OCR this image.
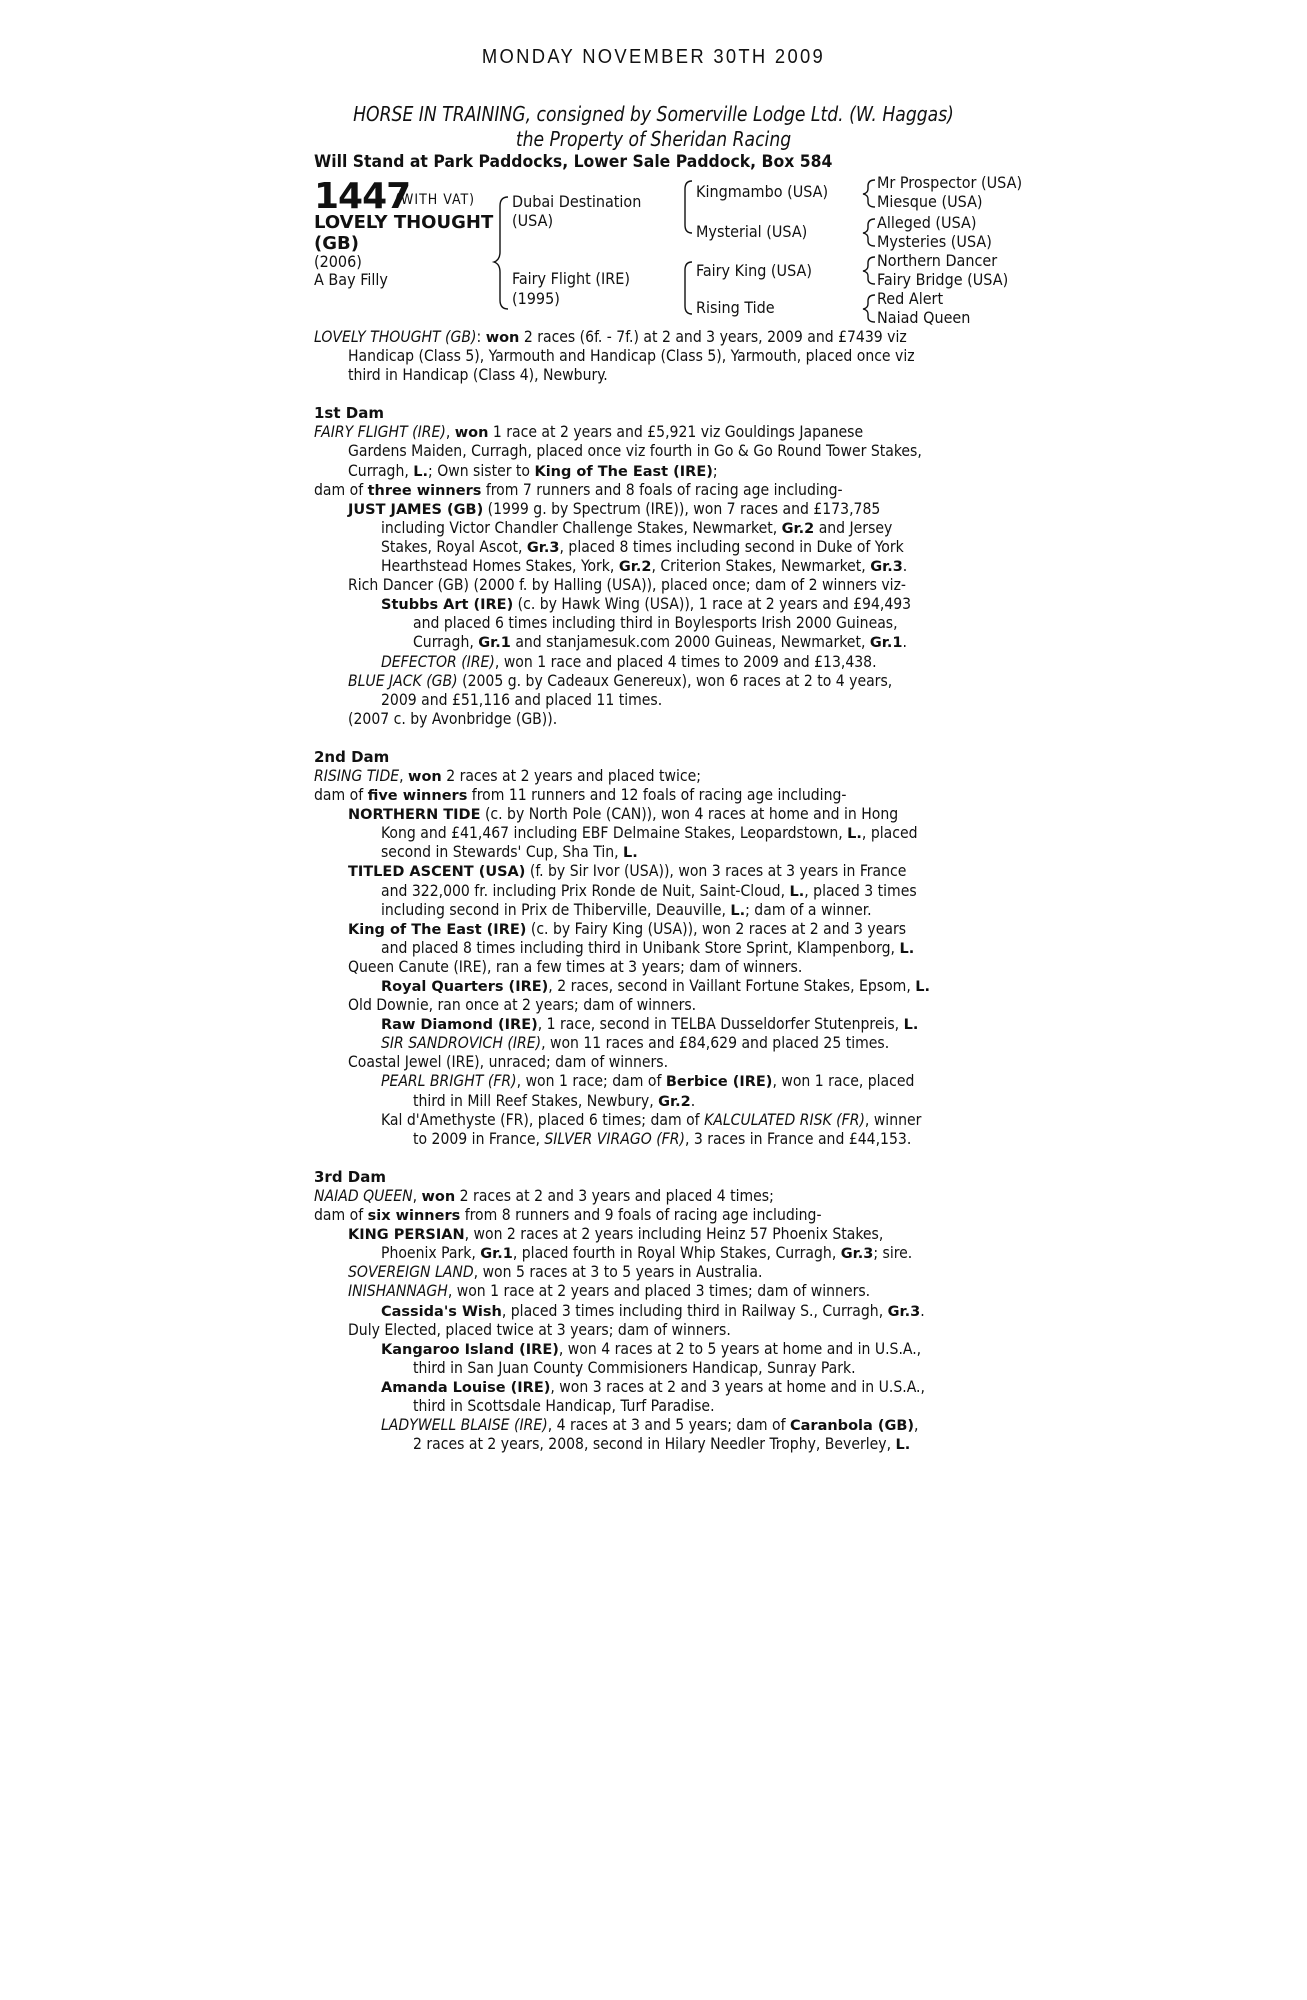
MONDAY NOVEMBER 30TH 2009
HORSE IN TRAINING, consigned by Somerville Lodge Ltd. (W. Haggas)
the Property of Sheridan Racing
Will Stand at Park Paddocks, Lower Sale Paddock, Box 584
1447
(WITH VAT)
LOVELY THOUGHT
(GB)
(2006)
A Bay Filly
Dubai Destination
(USA)
Fairy Flight (IRE)
(1995)
Kingmambo (USA)
Mysterial (USA)
Fairy King (USA)
Rising Tide
Mr Prospector (USA)
Miesque (USA)
Alleged (USA)
Mysteries (USA)
Northern Dancer
Fairy Bridge (USA)
Red Alert
Naiad Queen
LOVELY THOUGHT (GB): won 2 races (6f. - 7f.) at 2 and 3 years, 2009 and £7439 viz
Handicap (Class 5), Yarmouth and Handicap (Class 5), Yarmouth, placed once viz
third in Handicap (Class 4), Newbury.
1st Dam
FAIRY FLIGHT (IRE), won 1 race at 2 years and £5,921 viz Gouldings Japanese
Gardens Maiden, Curragh, placed once viz fourth in Go & Go Round Tower Stakes,
Curragh, L.; Own sister to King of The East (IRE);
dam of three winners from 7 runners and 8 foals of racing age including-
JUST JAMES (GB) (1999 g. by Spectrum (IRE)), won 7 races and £173,785
including Victor Chandler Challenge Stakes, Newmarket, Gr.2 and Jersey
Stakes, Royal Ascot, Gr.3, placed 8 times including second in Duke of York
Hearthstead Homes Stakes, York, Gr.2, Criterion Stakes, Newmarket, Gr.3.
Rich Dancer (GB) (2000 f. by Halling (USA)), placed once; dam of 2 winners viz-
Stubbs Art (IRE) (c. by Hawk Wing (USA)), 1 race at 2 years and £94,493
and placed 6 times including third in Boylesports Irish 2000 Guineas,
Curragh, Gr.1 and stanjamesuk.com 2000 Guineas, Newmarket, Gr.1.
DEFECTOR (IRE), won 1 race and placed 4 times to 2009 and £13,438.
BLUE JACK (GB) (2005 g. by Cadeaux Genereux), won 6 races at 2 to 4 years,
2009 and £51,116 and placed 11 times.
(2007 c. by Avonbridge (GB)).
2nd Dam
RISING TIDE, won 2 races at 2 years and placed twice;
dam of five winners from 11 runners and 12 foals of racing age including-
NORTHERN TIDE (c. by North Pole (CAN)), won 4 races at home and in Hong
Kong and £41,467 including EBF Delmaine Stakes, Leopardstown, L., placed
second in Stewards' Cup, Sha Tin, L.
TITLED ASCENT (USA) (f. by Sir Ivor (USA)), won 3 races at 3 years in France
and 322,000 fr. including Prix Ronde de Nuit, Saint-Cloud, L., placed 3 times
including second in Prix de Thiberville, Deauville, L.; dam of a winner.
King of The East (IRE) (c. by Fairy King (USA)), won 2 races at 2 and 3 years
and placed 8 times including third in Unibank Store Sprint, Klampenborg, L.
Queen Canute (IRE), ran a few times at 3 years; dam of winners.
Royal Quarters (IRE), 2 races, second in Vaillant Fortune Stakes, Epsom, L.
Old Downie, ran once at 2 years; dam of winners.
Raw Diamond (IRE), 1 race, second in TELBA Dusseldorfer Stutenpreis, L.
SIR SANDROVICH (IRE), won 11 races and £84,629 and placed 25 times.
Coastal Jewel (IRE), unraced; dam of winners.
PEARL BRIGHT (FR), won 1 race; dam of Berbice (IRE), won 1 race, placed
third in Mill Reef Stakes, Newbury, Gr.2.
Kal d'Amethyste (FR), placed 6 times; dam of KALCULATED RISK (FR), winner
to 2009 in France, SILVER VIRAGO (FR), 3 races in France and £44,153.
3rd Dam
NAIAD QUEEN, won 2 races at 2 and 3 years and placed 4 times;
dam of six winners from 8 runners and 9 foals of racing age including-
KING PERSIAN, won 2 races at 2 years including Heinz 57 Phoenix Stakes,
Phoenix Park, Gr.1, placed fourth in Royal Whip Stakes, Curragh, Gr.3; sire.
SOVEREIGN LAND, won 5 races at 3 to 5 years in Australia.
INISHANNAGH, won 1 race at 2 years and placed 3 times; dam of winners.
Cassida's Wish, placed 3 times including third in Railway S., Curragh, Gr.3.
Duly Elected, placed twice at 3 years; dam of winners.
Kangaroo Island (IRE), won 4 races at 2 to 5 years at home and in U.S.A.,
third in San Juan County Commisioners Handicap, Sunray Park.
Amanda Louise (IRE), won 3 races at 2 and 3 years at home and in U.S.A.,
third in Scottsdale Handicap, Turf Paradise.
LADYWELL BLAISE (IRE), 4 races at 3 and 5 years; dam of Caranbola (GB),
2 races at 2 years, 2008, second in Hilary Needler Trophy, Beverley, L.
